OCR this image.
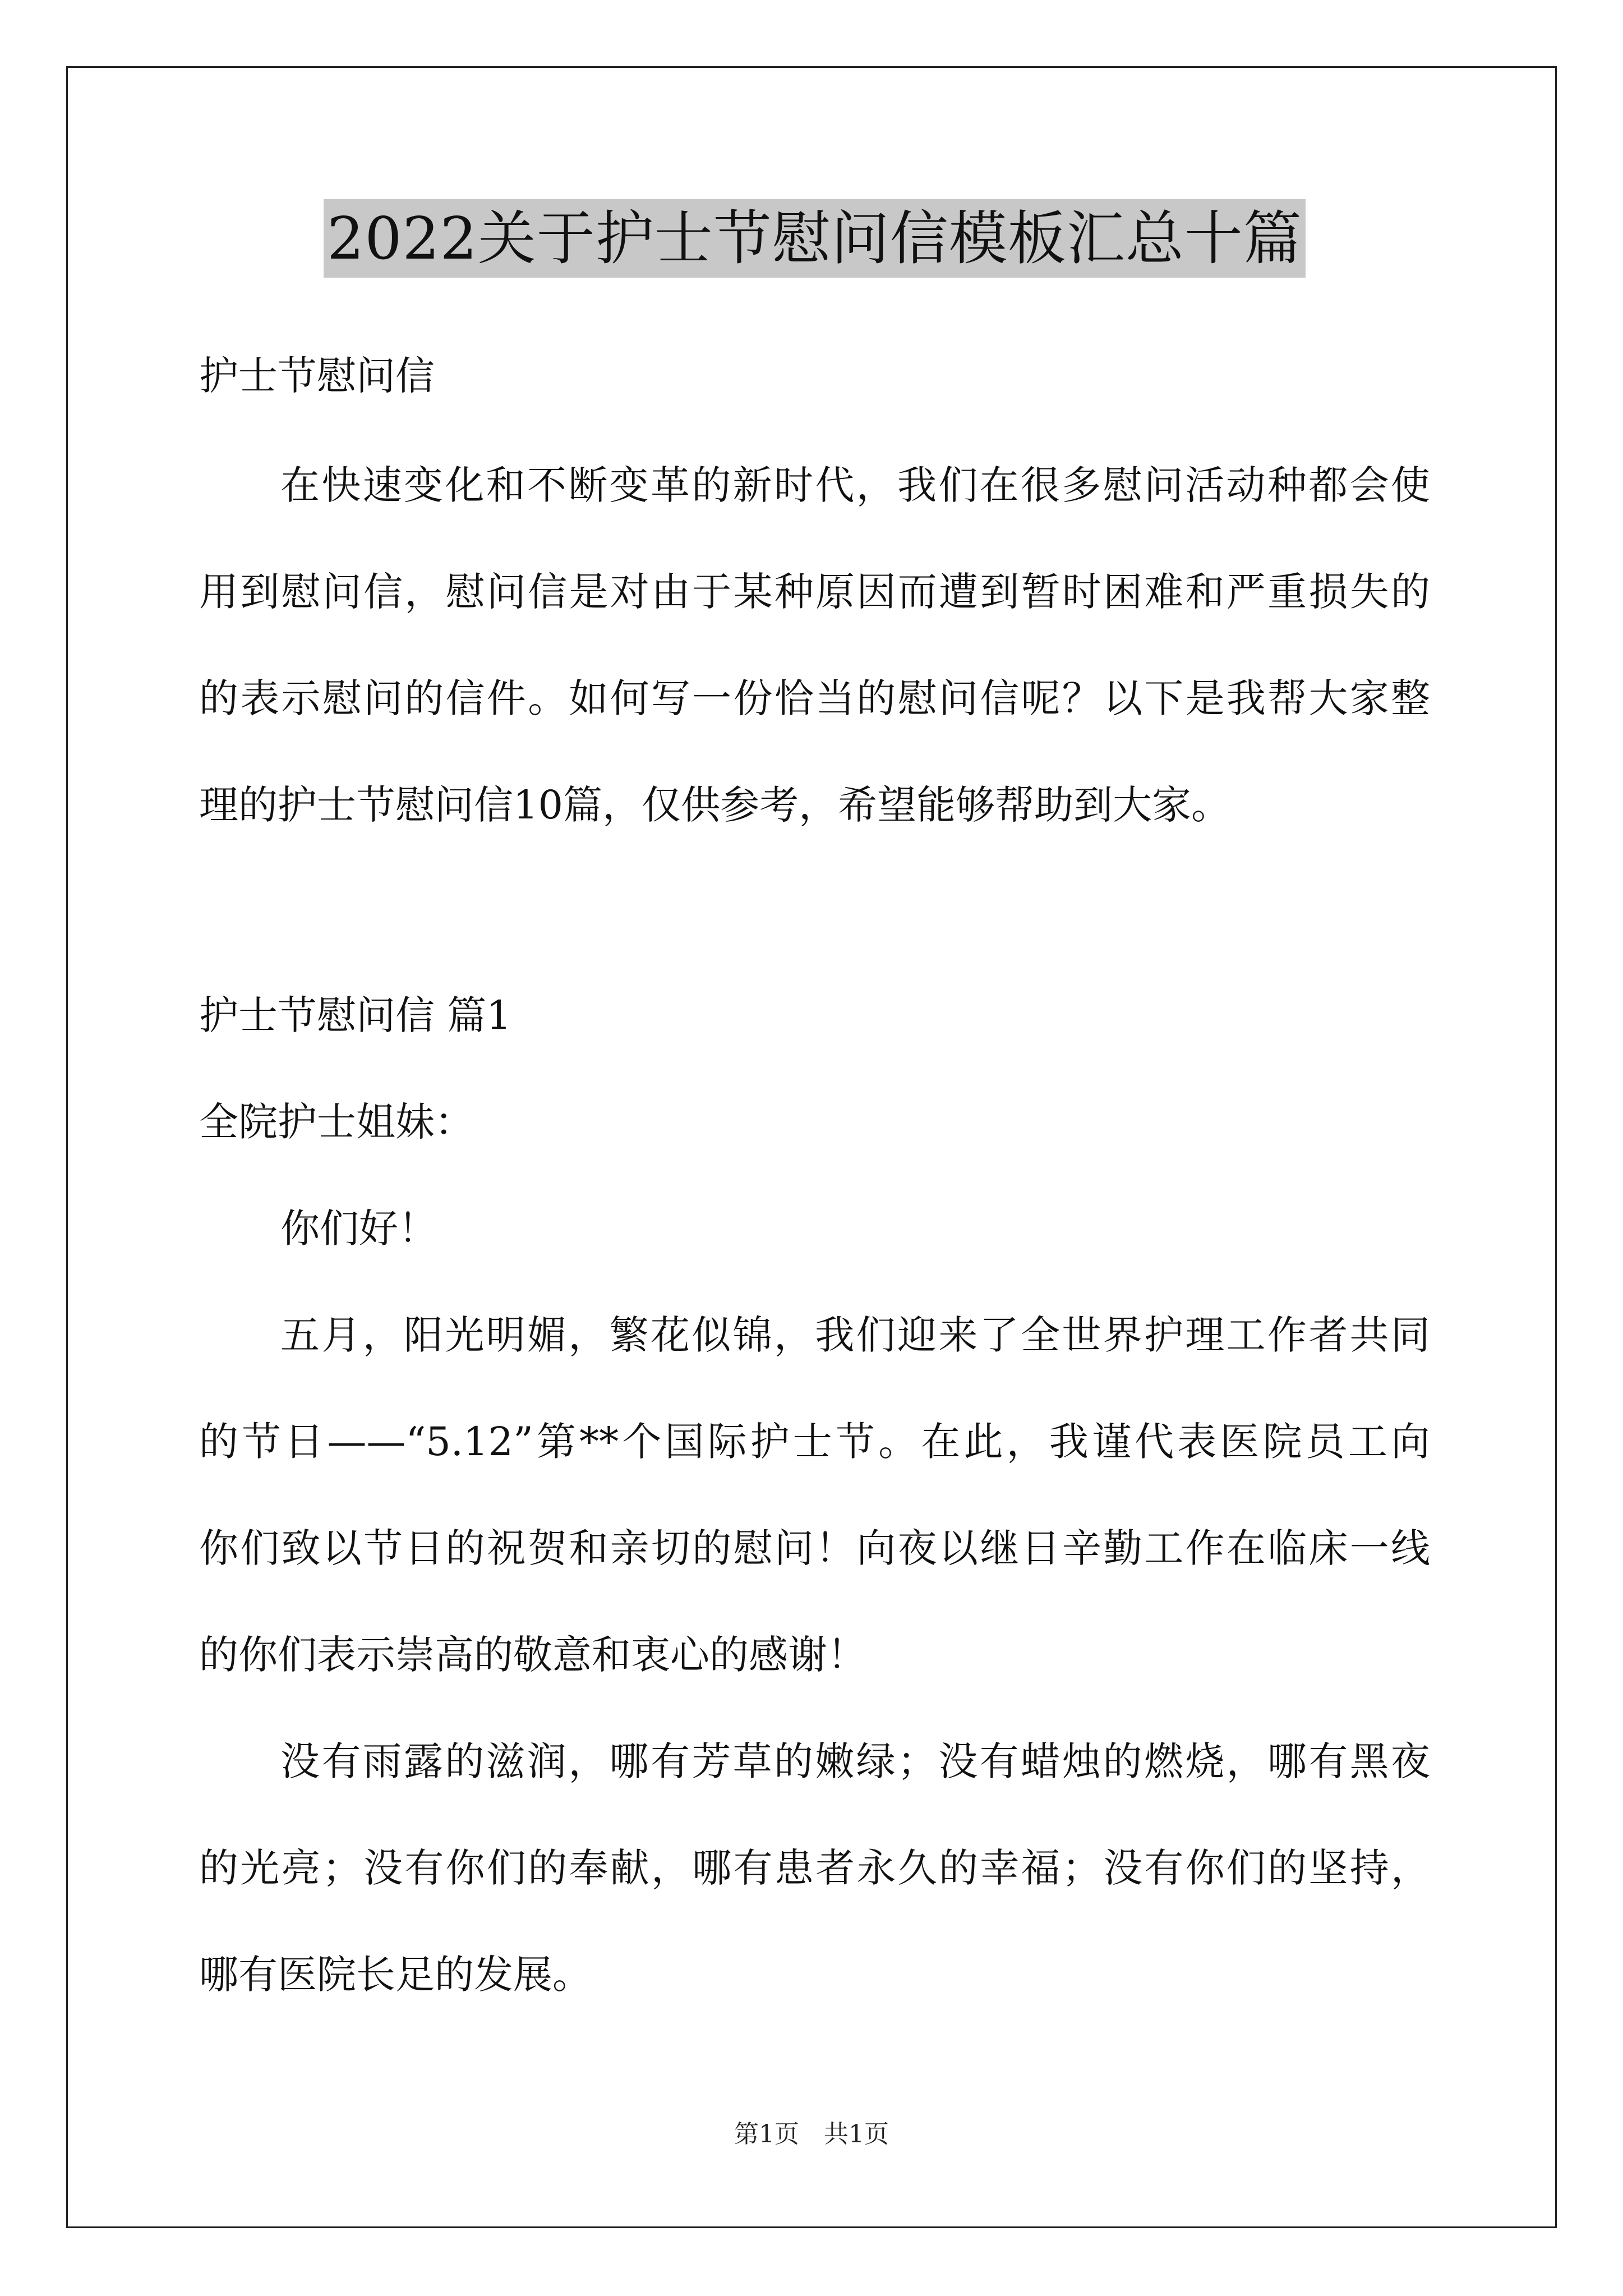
2022关于护士节慰问信模板汇总十篇
护士节慰问信
在快速变化和不断变革的新时代，我们在很多慰问活动种都会使
用到慰问信，慰问信是对由于某种原因而遭到暂时困难和严重损失的
的表示慰问的信件。如何写一份恰当的慰问信呢？以下是我帮大家整
理的护士节慰问信10篇，仅供参考，希望能够帮助到大家。
护士节慰问信 篇1
全院护士姐妹：
你们好！
五月，阳光明媚，繁花似锦，我们迎来了全世界护理工作者共同
的节日——“5.12”第**个国际护士节。在此，我谨代表医院员工向
你们致以节日的祝贺和亲切的慰问！向夜以继日辛勤工作在临床一线
的你们表示崇高的敬意和衷心的感谢！
没有雨露的滋润，哪有芳草的嫩绿；没有蜡烛的燃烧，哪有黑夜
的光亮；没有你们的奉献，哪有患者永久的幸福；没有你们的坚持，
哪有医院长足的发展。
第1页　共1页
